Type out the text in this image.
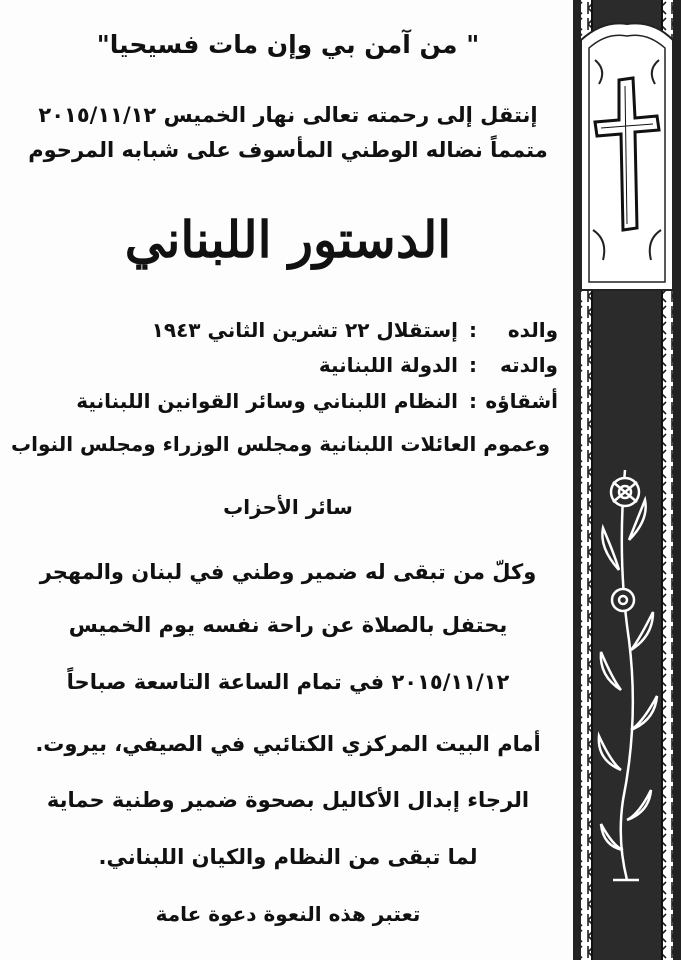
" من آمن بي وإن مات فسيحيا"
إنتقل إلى رحمته تعالى نهار الخميس ٢٠١٥/١١/١٢
متمماً نضاله الوطني المأسوف على شبابه المرحوم
الدستور اللبناني
والده:إستقلال ٢٢ تشرين الثاني ١٩٤٣
والدته:الدولة اللبنانية
أشقاؤه:النظام اللبناني وسائر القوانين اللبنانية
وعموم العائلات اللبنانية ومجلس الوزراء ومجلس النواب
سائر الأحزاب
وكلّ من تبقى له ضمير وطني في لبنان والمهجر
يحتفل بالصلاة عن راحة نفسه يوم الخميس
٢٠١٥/١١/١٢ في تمام الساعة التاسعة صباحاً
أمام البيت المركزي الكتائبي في الصيفي، بيروت.
الرجاء إبدال الأكاليل بصحوة ضمير وطنية حماية
لما تبقى من النظام والكيان اللبناني.
تعتبر هذه النعوة دعوة عامة
